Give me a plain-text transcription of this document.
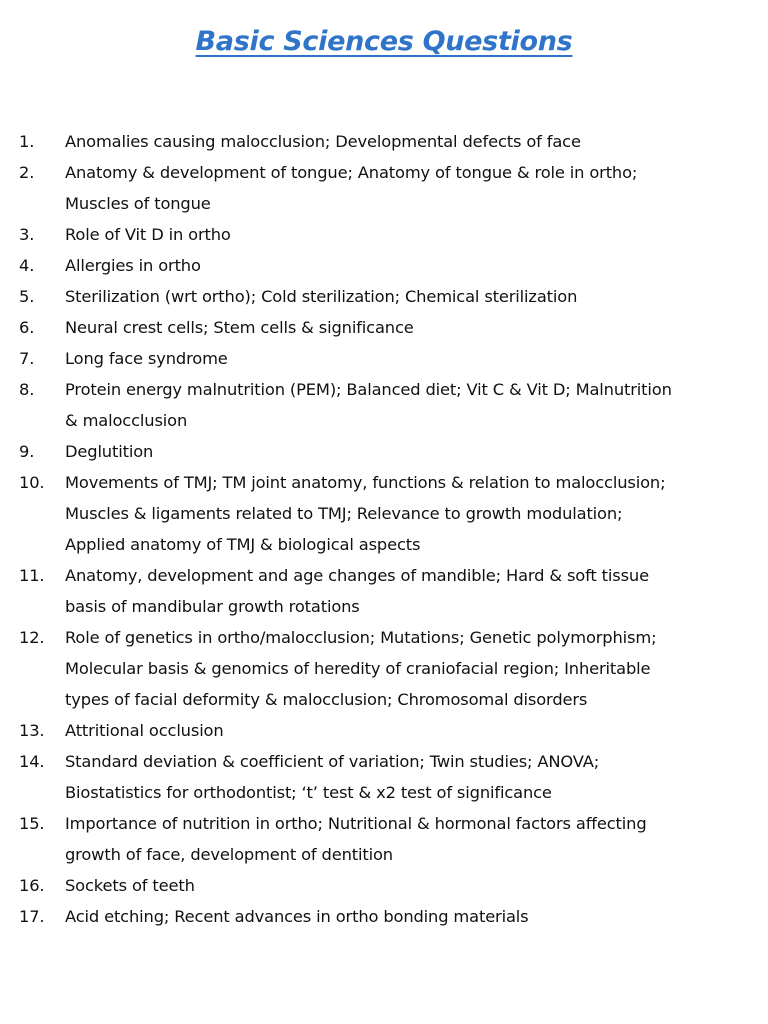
Basic Sciences Questions
1. Anomalies causing malocclusion; Developmental defects of face
2. Anatomy & development of tongue; Anatomy of tongue & role in ortho;
Muscles of tongue
3. Role of Vit D in ortho
4. Allergies in ortho
5. Sterilization (wrt ortho); Cold sterilization; Chemical sterilization
6. Neural crest cells; Stem cells & significance
7. Long face syndrome
8. Protein energy malnutrition (PEM); Balanced diet; Vit C & Vit D; Malnutrition
& malocclusion
9. Deglutition
10. Movements of TMJ; TM joint anatomy, functions & relation to malocclusion;
Muscles & ligaments related to TMJ; Relevance to growth modulation;
Applied anatomy of TMJ & biological aspects
11. Anatomy, development and age changes of mandible; Hard & soft tissue
basis of mandibular growth rotations
12. Role of genetics in ortho/malocclusion; Mutations; Genetic polymorphism;
Molecular basis & genomics of heredity of craniofacial region; Inheritable
types of facial deformity & malocclusion; Chromosomal disorders
13. Attritional occlusion
14. Standard deviation & coefficient of variation; Twin studies; ANOVA;
Biostatistics for orthodontist; ‘t’ test & x2 test of significance
15. Importance of nutrition in ortho; Nutritional & hormonal factors affecting
growth of face, development of dentition
16. Sockets of teeth
17. Acid etching; Recent advances in ortho bonding materials
